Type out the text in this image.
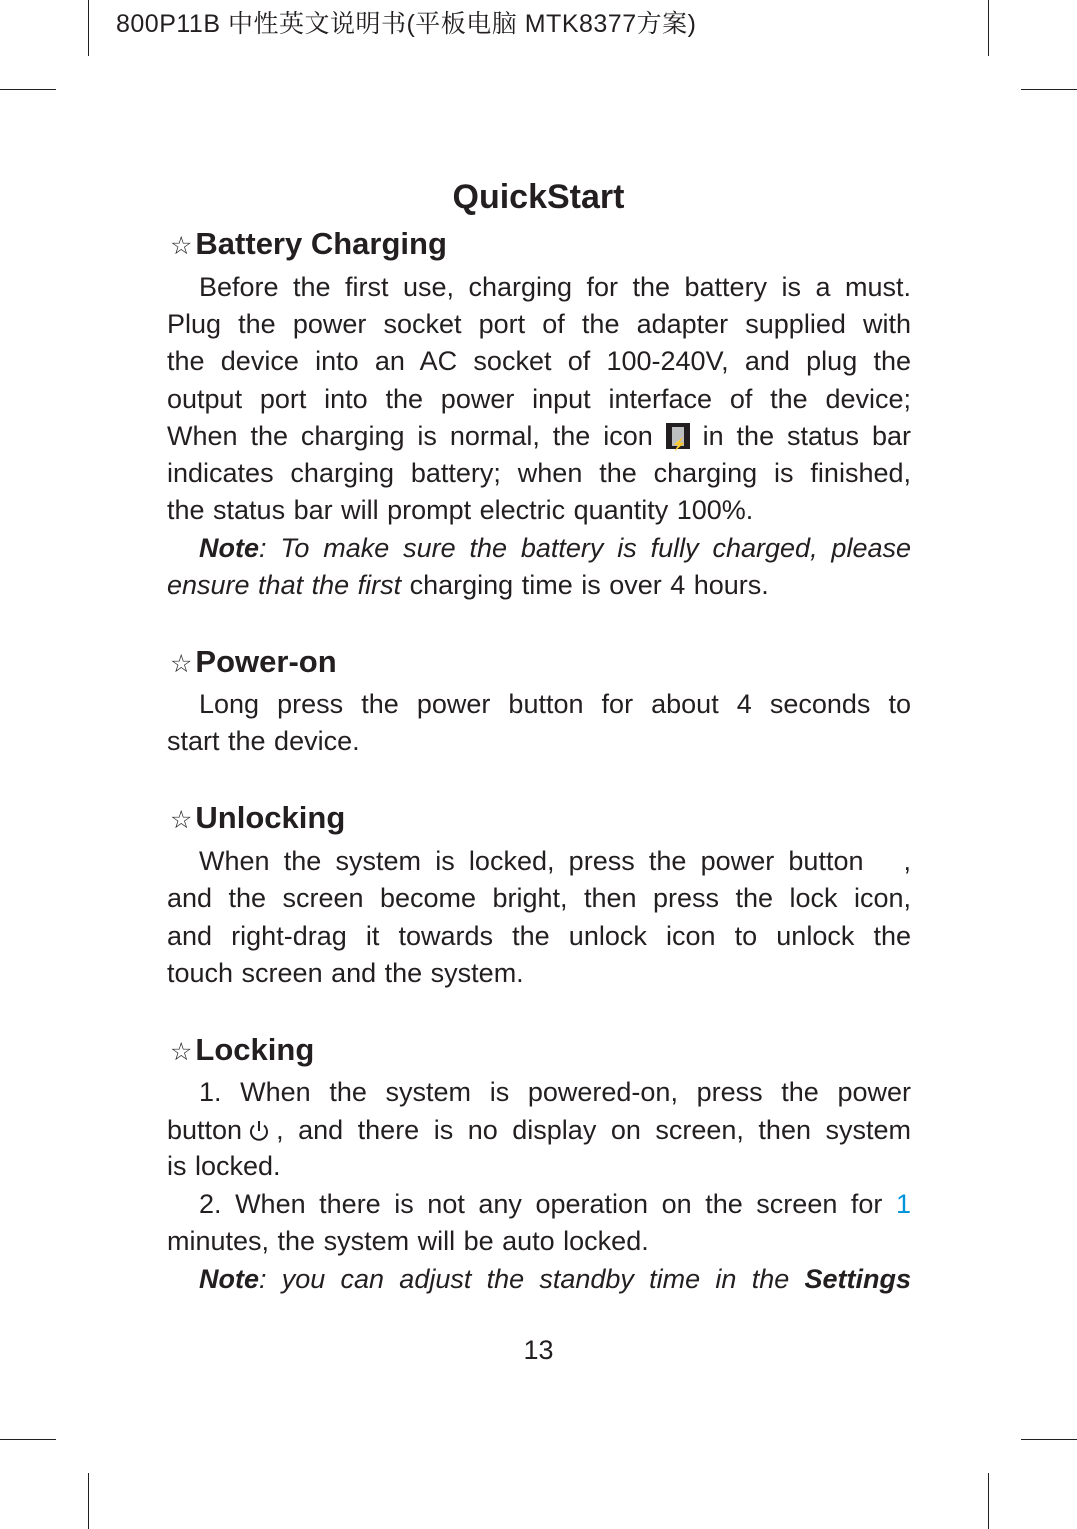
800P11B 中性英文说明书(平板电脑 MTK8377方案)
QuickStart
☆Battery Charging
Before the first use, charging for the battery is a must.
Plug the power socket port of the adapter supplied with
the device into an AC socket of 100-240V, and plug the
output port into the power input interface of the device;
When the charging is normal, the icon ⚡ in the status bar
indicates charging battery; when the charging is finished,
the status bar will prompt electric quantity 100%.
Note: To make sure the battery is fully charged, please
ensure that the first charging time is over 4 hours.
☆Power-on
Long press the power button for about 4 seconds to
start the device.
☆Unlocking
When the system is locked, press the power button ,
and the screen become bright, then press the lock icon,
and right-drag it towards the unlock icon to unlock the
touch screen and the system.
☆Locking
1. When the system is powered-on, press the power
button , and there is no display on screen, then system
is locked.
2. When there is not any operation on the screen for 1
minutes, the system will be auto locked.
Note: you can adjust the standby time in the Settings
13
